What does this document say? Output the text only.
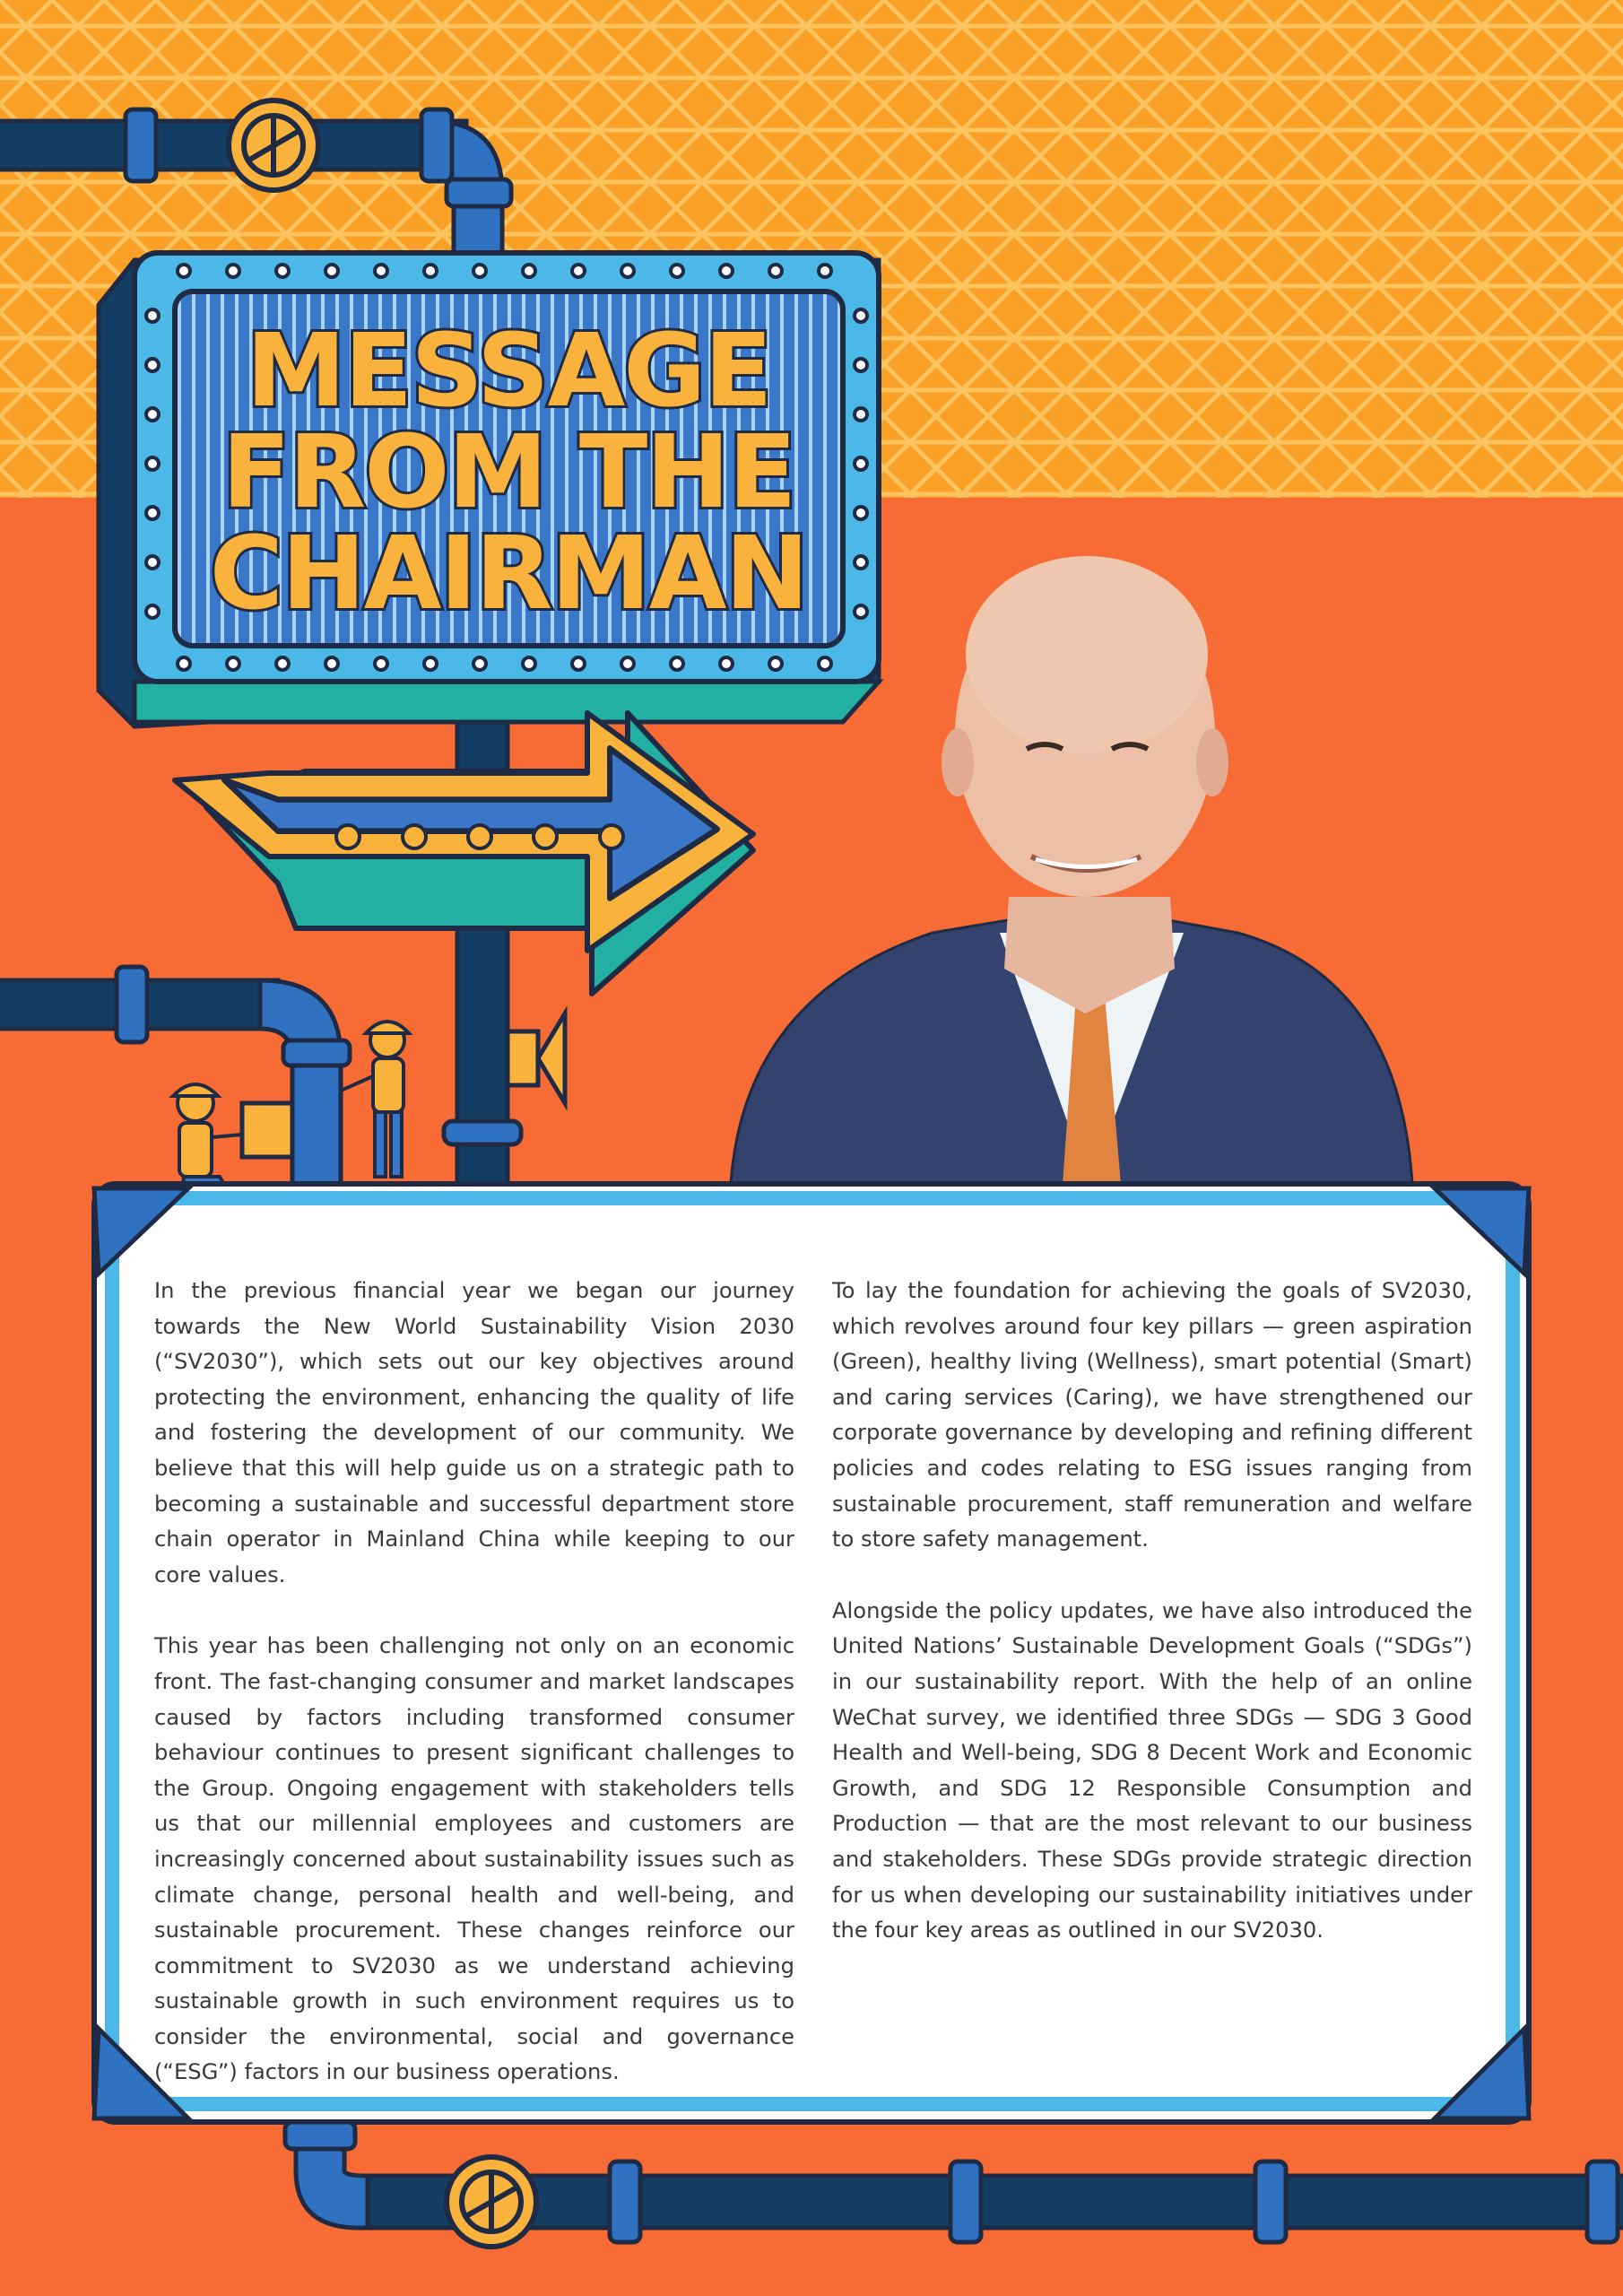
MESSAGE
FROM THE
CHAIRMAN

In the previous financial year we began our journey towards the New World Sustainability Vision 2030 (“SV2030”), which sets out our key objectives around protecting the environment, enhancing the quality of life and fostering the development of our community. We believe that this will help guide us on a strategic path to becoming a sustainable and successful department store chain operator in Mainland China while keeping to our core values.

This year has been challenging not only on an economic front. The fast-changing consumer and market landscapes caused by factors including transformed consumer behaviour continues to present significant challenges to the Group. Ongoing engagement with stakeholders tells us that our millennial employees and customers are increasingly concerned about sustainability issues such as climate change, personal health and well-being, and sustainable procurement. These changes reinforce our commitment to SV2030 as we understand achieving sustainable growth in such environment requires us to consider the environmental, social and governance (“ESG”) factors in our business operations.

To lay the foundation for achieving the goals of SV2030, which revolves around four key pillars — green aspiration (Green), healthy living (Wellness), smart potential (Smart) and caring services (Caring), we have strengthened our corporate governance by developing and refining different policies and codes relating to ESG issues ranging from sustainable procurement, staff remuneration and welfare to store safety management.

Alongside the policy updates, we have also introduced the United Nations’ Sustainable Development Goals (“SDGs”) in our sustainability report. With the help of an online WeChat survey, we identified three SDGs — SDG 3 Good Health and Well-being, SDG 8 Decent Work and Economic Growth, and SDG 12 Responsible Consumption and Production — that are the most relevant to our business and stakeholders. These SDGs provide strategic direction for us when developing our sustainability initiatives under the four key areas as outlined in our SV2030.
